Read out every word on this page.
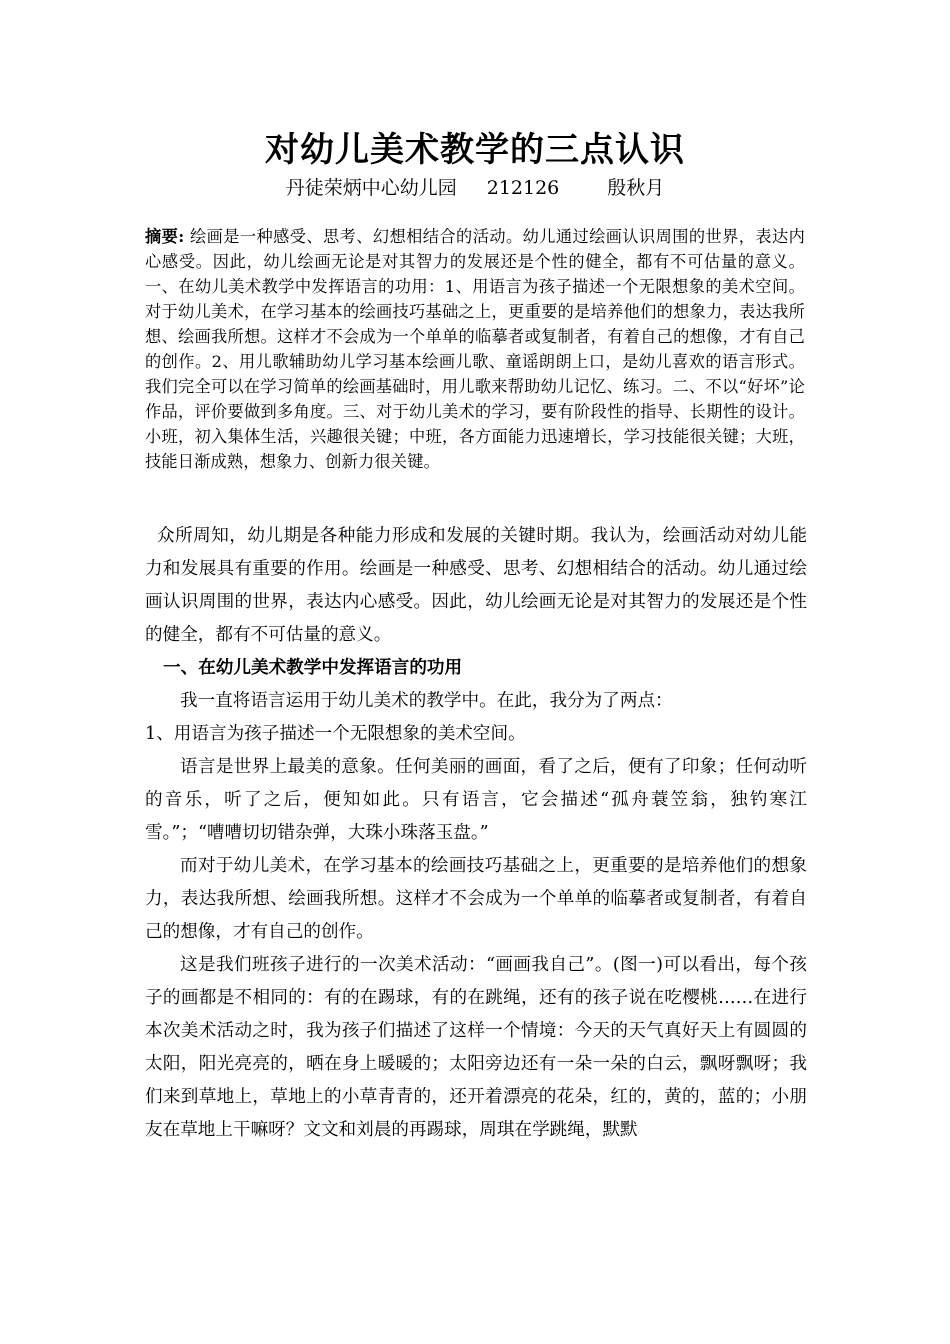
对幼儿美术教学的三点认识
丹徒荣炳中心幼儿园 212126	殷秋月
摘要: 绘画是一种感受、思考、幻想相结合的活动。幼儿通过绘画认识周围的世界，表达内心感受。因此，幼儿绘画无论是对其智力的发展还是个性的健全，都有不可估量的意义。 一、在幼儿美术教学中发挥语言的功用：1、用语言为孩子描述一个无限想象的美术空间。对于幼儿美术，在学习基本的绘画技巧基础之上，更重要的是培养他们的想象力，表达我所想、绘画我所想。这样才不会成为一个单单的临摹者或复制者，有着自己的想像，才有自己的创作。2、用儿歌辅助幼儿学习基本绘画儿歌、童谣朗朗上口，是幼儿喜欢的语言形式。我们完全可以在学习简单的绘画基础时，用儿歌来帮助幼儿记忆、练习。二、不以“好坏”论作品，评价要做到多角度。三、对于幼儿美术的学习，要有阶段性的指导、长期性的设计。小班，初入集体生活，兴趣很关键；中班，各方面能力迅速增长，学习技能很关键；大班，技能日渐成熟，想象力、创新力很关键。

众所周知，幼儿期是各种能力形成和发展的关键时期。我认为，绘画活动对幼儿能力和发展具有重要的作用。绘画是一种感受、思考、幻想相结合的活动。幼儿通过绘画认识周围的世界，表达内心感受。因此，幼儿绘画无论是对其智力的发展还是个性的健全，都有不可估量的意义。

一、在幼儿美术教学中发挥语言的功用

我一直将语言运用于幼儿美术的教学中。在此，我分为了两点：

1、用语言为孩子描述一个无限想象的美术空间。

语言是世界上最美的意象。任何美丽的画面，看了之后，便有了印象；任何动听的音乐，听了之后，便知如此。只有语言，它会描述“孤舟蓑笠翁，独钓寒江雪。”；“嘈嘈切切错杂弹，大珠小珠落玉盘。”

而对于幼儿美术，在学习基本的绘画技巧基础之上，更重要的是培养他们的想象力，表达我所想、绘画我所想。这样才不会成为一个单单的临摹者或复制者，有着自己的想像，才有自己的创作。

这是我们班孩子进行的一次美术活动：“画画我自己”。(图一)可以看出，每个孩子的画都是不相同的：有的在踢球，有的在跳绳，还有的孩子说在吃樱桃……在进行本次美术活动之时，我为孩子们描述了这样一个情境：今天的天气真好天上有圆圆的太阳，阳光亮亮的，晒在身上暖暖的；太阳旁边还有一朵一朵的白云，飘呀飘呀；我们来到草地上，草地上的小草青青的，还开着漂亮的花朵，红的，黄的，蓝的；小朋友在草地上干嘛呀？文文和刘晨的再踢球，周琪在学跳绳，默默
